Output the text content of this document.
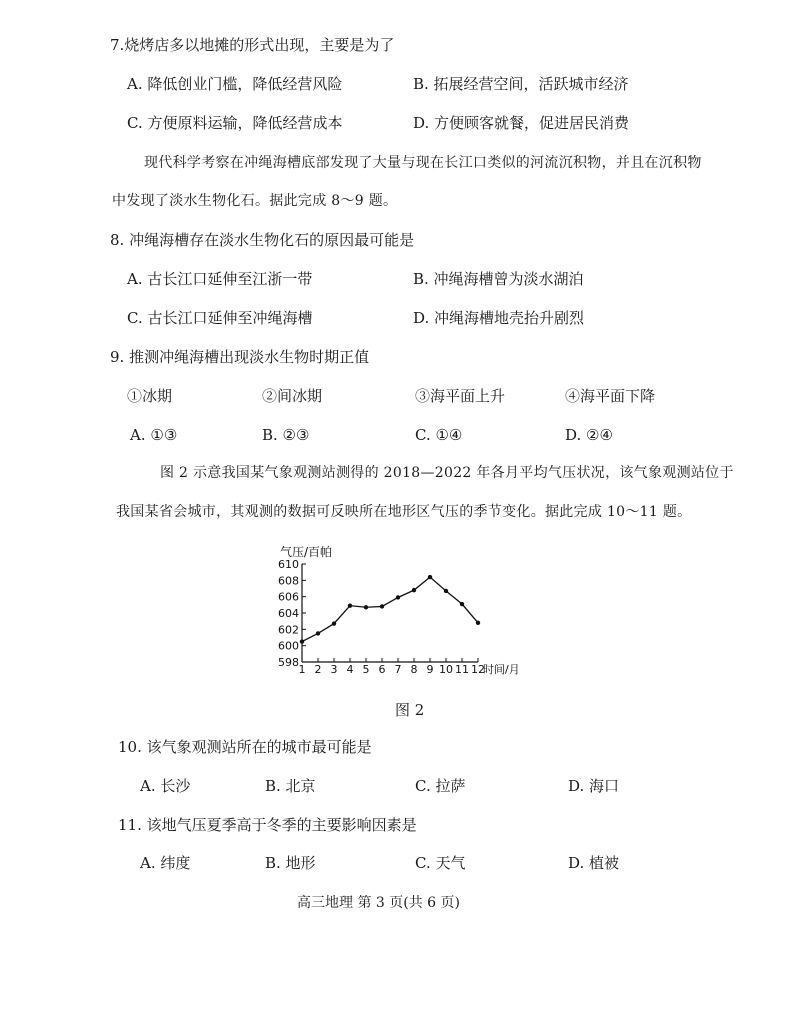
7.烧烤店多以地摊的形式出现，主要是为了
A. 降低创业门槛，降低经营风险	B. 拓展经营空间，活跃城市经济
C. 方便原料运输，降低经营成本	D. 方便顾客就餐，促进居民消费
现代科学考察在冲绳海槽底部发现了大量与现在长江口类似的河流沉积物，并且在沉积物
中发现了淡水生物化石。据此完成 8～9 题。
8. 冲绳海槽存在淡水生物化石的原因最可能是
A. 古长江口延伸至江浙一带	B. 冲绳海槽曾为淡水湖泊
C. 古长江口延伸至冲绳海槽	D. 冲绳海槽地壳抬升剧烈
9. 推测冲绳海槽出现淡水生物时期正值
①冰期	②间冰期	③海平面上升	④海平面下降
A. ①③	B. ②③	C. ①④	D. ②④
图 2 示意我国某气象观测站测得的 2018—2022 年各月平均气压状况，该气象观测站位于
我国某省会城市，其观测的数据可反映所在地形区气压的季节变化。据此完成 10～11 题。
气压/百帕
时间/月
598
600
602
604
606
608
610
1 2 3 4 5 6 7 8 9 10 11 12
图 2
10. 该气象观测站所在的城市最可能是
A. 长沙	B. 北京	C. 拉萨	D. 海口
11. 该地气压夏季高于冬季的主要影响因素是
A. 纬度	B. 地形	C. 天气	D. 植被
高三地理 第 3 页(共 6 页)
